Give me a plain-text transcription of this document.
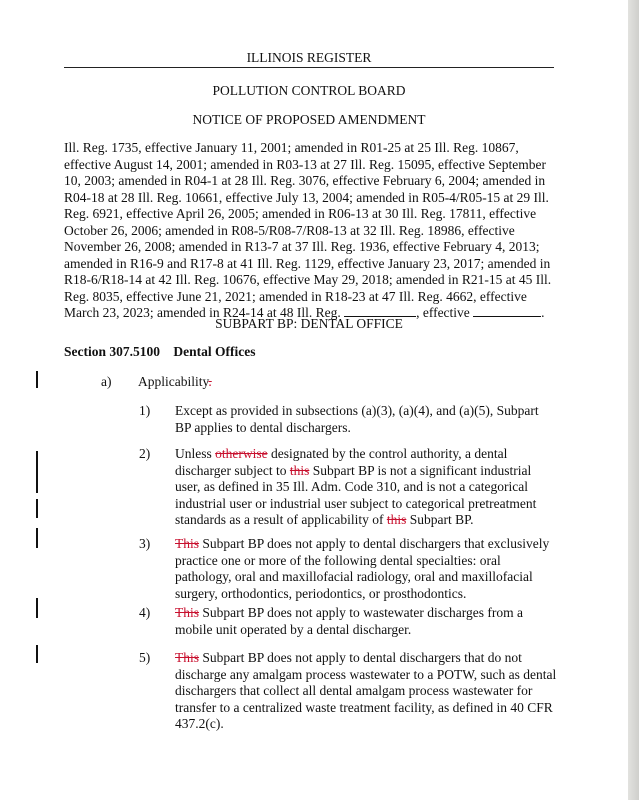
ILLINOIS REGISTER
POLLUTION CONTROL BOARD
NOTICE OF PROPOSED AMENDMENT
Ill. Reg. 1735, effective January 11, 2001; amended in R01-25 at 25 Ill. Reg. 10867, effective August 14, 2001; amended in R03-13 at 27 Ill. Reg. 15095, effective September 10, 2003; amended in R04-1 at 28 Ill. Reg. 3076, effective February 6, 2004; amended in R04-18 at 28 Ill. Reg. 10661, effective July 13, 2004; amended in R05-4/R05-15 at 29 Ill. Reg. 6921, effective April 26, 2005; amended in R06-13 at 30 Ill. Reg. 17811, effective October 26, 2006; amended in R08-5/R08-7/R08-13 at 32 Ill. Reg. 18986, effective November 26, 2008; amended in R13-7 at 37 Ill. Reg. 1936, effective February 4, 2013; amended in R16-9 and R17-8 at 41 Ill. Reg. 1129, effective January 23, 2017; amended in R18-6/R18-14 at 42 Ill. Reg. 10676, effective May 29, 2018; amended in R21-15 at 45 Ill. Reg. 8035, effective June 21, 2021; amended in R18-23 at 47 Ill. Reg. 4662, effective March 23, 2023; amended in R24-14 at 48 Ill. Reg.	, effective	.
SUBPART BP: DENTAL OFFICE
Section 307.5100 Dental Offices
a) Applicability.
1) Except as provided in subsections (a)(3), (a)(4), and (a)(5), Subpart BP applies to dental dischargers.
2) Unless otherwise designated by the control authority, a dental discharger subject to this Subpart BP is not a significant industrial user, as defined in 35 Ill. Adm. Code 310, and is not a categorical industrial user or industrial user subject to categorical pretreatment standards as a result of applicability of this Subpart BP.
3) This Subpart BP does not apply to dental dischargers that exclusively practice one or more of the following dental specialties: oral pathology, oral and maxillofacial radiology, oral and maxillofacial surgery, orthodontics, periodontics, or prosthodontics.
4) This Subpart BP does not apply to wastewater discharges from a mobile unit operated by a dental discharger.
5) This Subpart BP does not apply to dental dischargers that do not discharge any amalgam process wastewater to a POTW, such as dental dischargers that collect all dental amalgam process wastewater for transfer to a centralized waste treatment facility, as defined in 40 CFR 437.2(c).
